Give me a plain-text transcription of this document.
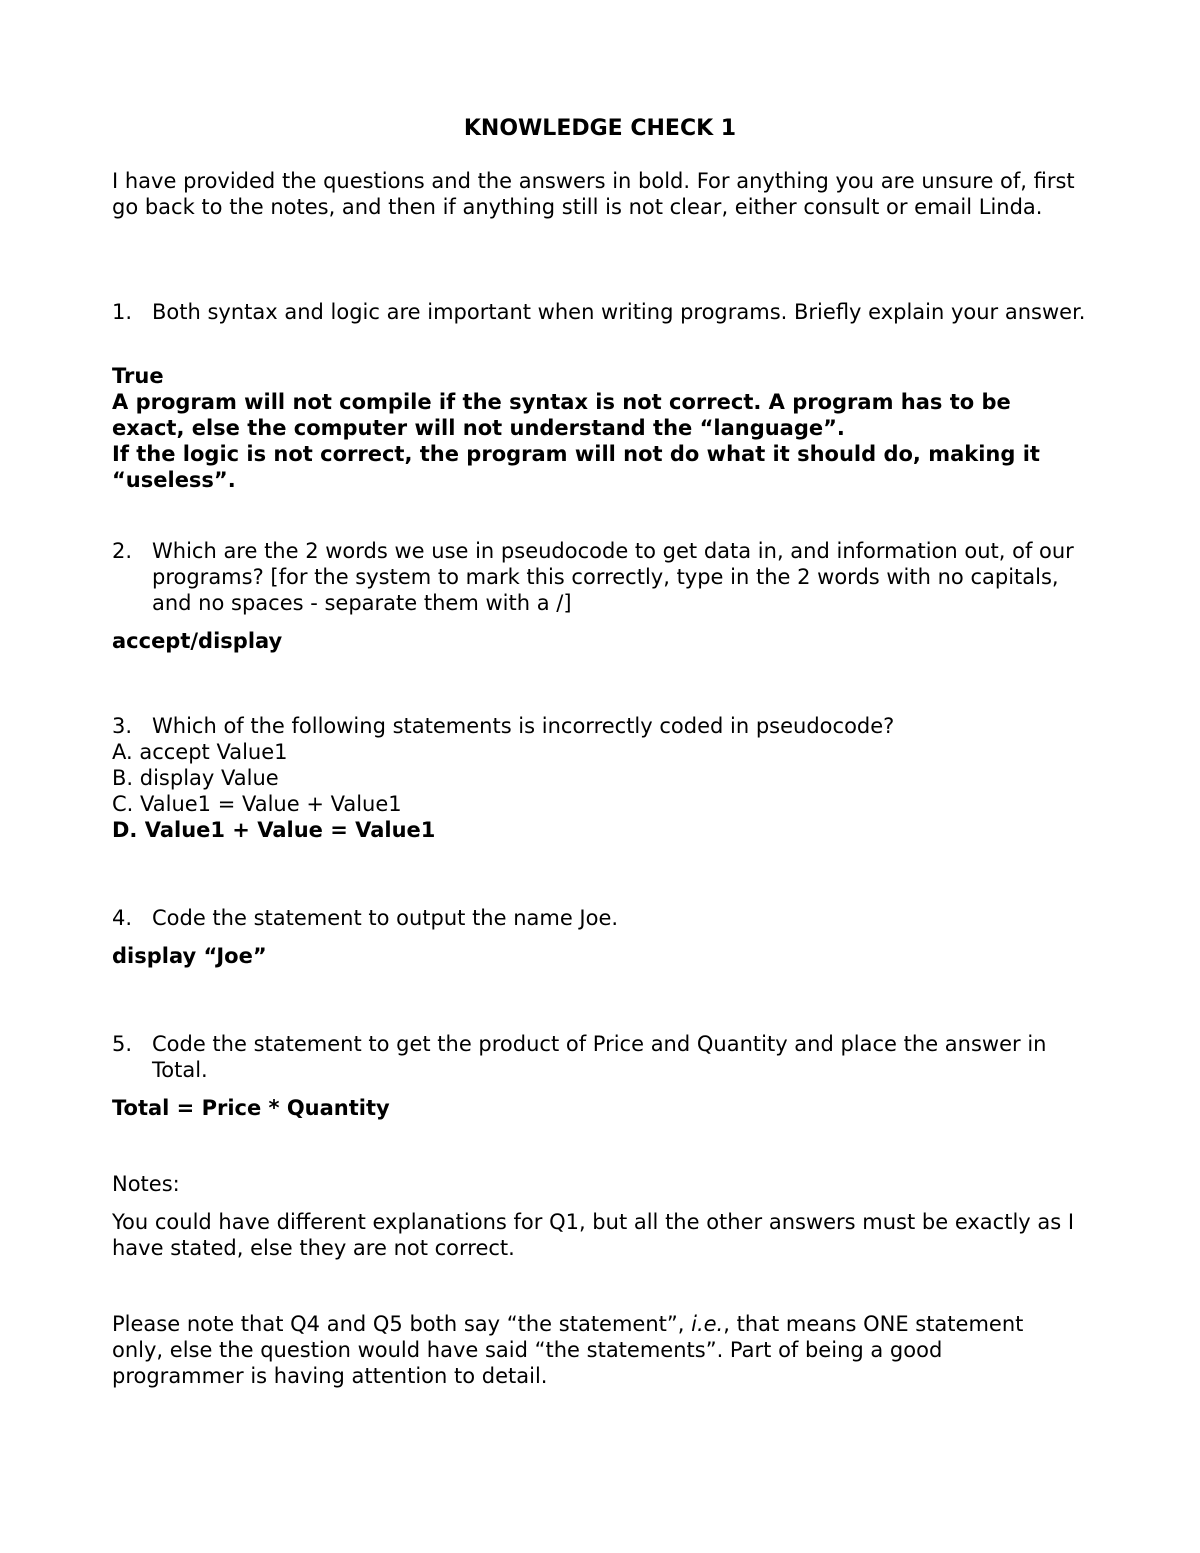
KNOWLEDGE CHECK 1

I have provided the questions and the answers in bold. For anything you are unsure of, first go back to the notes, and then if anything still is not clear, either consult or email Linda.

1. Both syntax and logic are important when writing programs. Briefly explain your answer.

True

A program will not compile if the syntax is not correct. A program has to be exact, else the computer will not understand the “language”.

If the logic is not correct, the program will not do what it should do, making it “useless”.

2. Which are the 2 words we use in pseudocode to get data in, and information out, of our programs? [for the system to mark this correctly, type in the 2 words with no capitals, and no spaces - separate them with a /]

accept/display

3. Which of the following statements is incorrectly coded in pseudocode?

A. accept Value1

B. display Value

C. Value1 = Value + Value1

D. Value1 + Value = Value1

4. Code the statement to output the name Joe.

display “Joe”

5. Code the statement to get the product of Price and Quantity and place the answer in Total.

Total = Price * Quantity

Notes:

You could have different explanations for Q1, but all the other answers must be exactly as I have stated, else they are not correct.

Please note that Q4 and Q5 both say “the statement”, i.e., that means ONE statement only, else the question would have said “the statements”. Part of being a good programmer is having attention to detail.
